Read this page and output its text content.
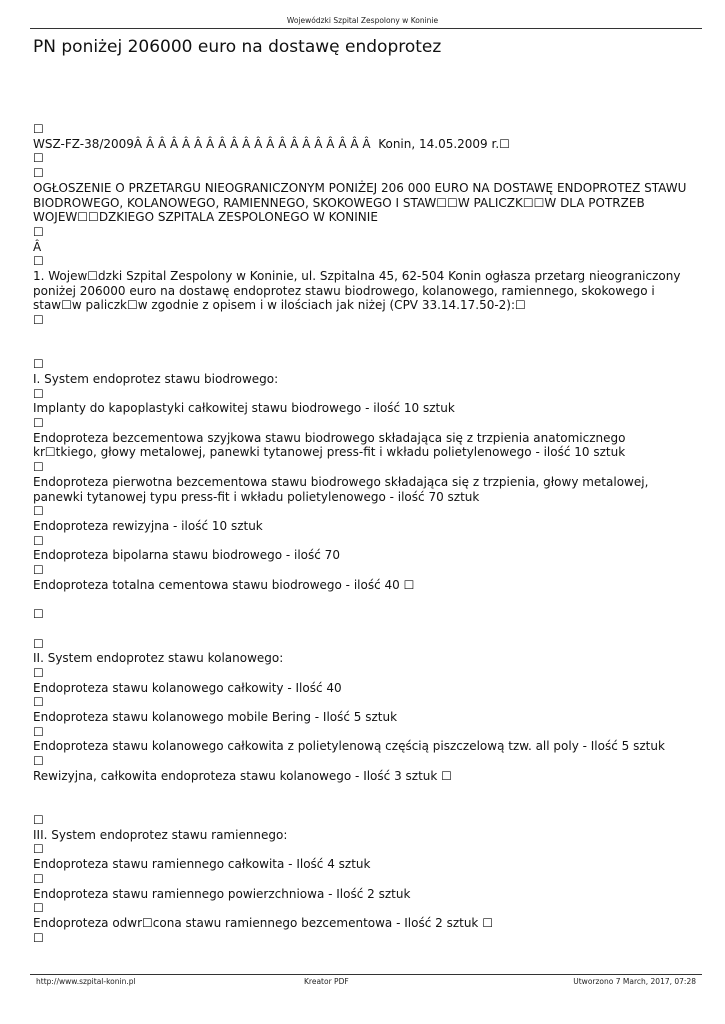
Wojewódzki Szpital Zespolony w Koninie
PN poniżej 206000 euro na dostawę endoprotez
☐
WSZ-FZ-38/2009Â Â Â Â Â Â Â Â Â Â Â Â Â Â Â Â Â Â Â Â  Konin, 14.05.2009 r.☐
☐
☐
OGŁOSZENIE O PRZETARGU NIEOGRANICZONYM PONIŻEJ 206 000 EURO NA DOSTAWĘ ENDOPROTEZ STAWU BIODROWEGO, KOLANOWEGO, RAMIENNEGO, SKOKOWEGO I STAW☐☐W PALICZK☐☐W DLA POTRZEB WOJEW☐☐DZKIEGO SZPITALA ZESPOLONEGO W KONINIE
☐
Â
☐
1. Wojew☐dzki Szpital Zespolony w Koninie, ul. Szpitalna 45, 62-504 Konin ogłasza przetarg nieograniczony poniżej 206000 euro na dostawę endoprotez stawu biodrowego, kolanowego, ramiennego, skokowego i staw☐w paliczk☐w zgodnie z opisem i w ilościach jak niżej (CPV 33.14.17.50-2):☐
☐
☐
I. System endoprotez stawu biodrowego:
☐
Implanty do kapoplastyki całkowitej stawu biodrowego - ilość 10 sztuk
☐
Endoproteza bezcementowa szyjkowa stawu biodrowego składająca się z trzpienia anatomicznego kr☐tkiego, głowy metalowej, panewki tytanowej press-fit i wkładu polietylenowego - ilość 10 sztuk
☐
Endoproteza pierwotna bezcementowa stawu biodrowego składająca się z trzpienia, głowy metalowej, panewki tytanowej typu press-fit i wkładu polietylenowego - ilość 70 sztuk
☐
Endoproteza rewizyjna - ilość 10 sztuk
☐
Endoproteza bipolarna stawu biodrowego - ilość 70
☐
Endoproteza totalna cementowa stawu biodrowego - ilość 40 ☐
☐
☐
II. System endoprotez stawu kolanowego:
☐
Endoproteza stawu kolanowego całkowity - Ilość 40
☐
Endoproteza stawu kolanowego mobile Bering - Ilość 5 sztuk
☐
Endoproteza stawu kolanowego całkowita z polietylenową częścią piszczelową tzw. all poly - Ilość 5 sztuk
☐
Rewizyjna, całkowita endoproteza stawu kolanowego - Ilość 3 sztuk ☐
☐
III. System endoprotez stawu ramiennego:
☐
Endoproteza stawu ramiennego całkowita - Ilość 4 sztuk
☐
Endoproteza stawu ramiennego powierzchniowa - Ilość 2 sztuk
☐
Endoproteza odwr☐cona stawu ramiennego bezcementowa - Ilość 2 sztuk ☐
☐
http://www.szpital-konin.pl	Kreator PDF	Utworzono 7 March, 2017, 07:28
